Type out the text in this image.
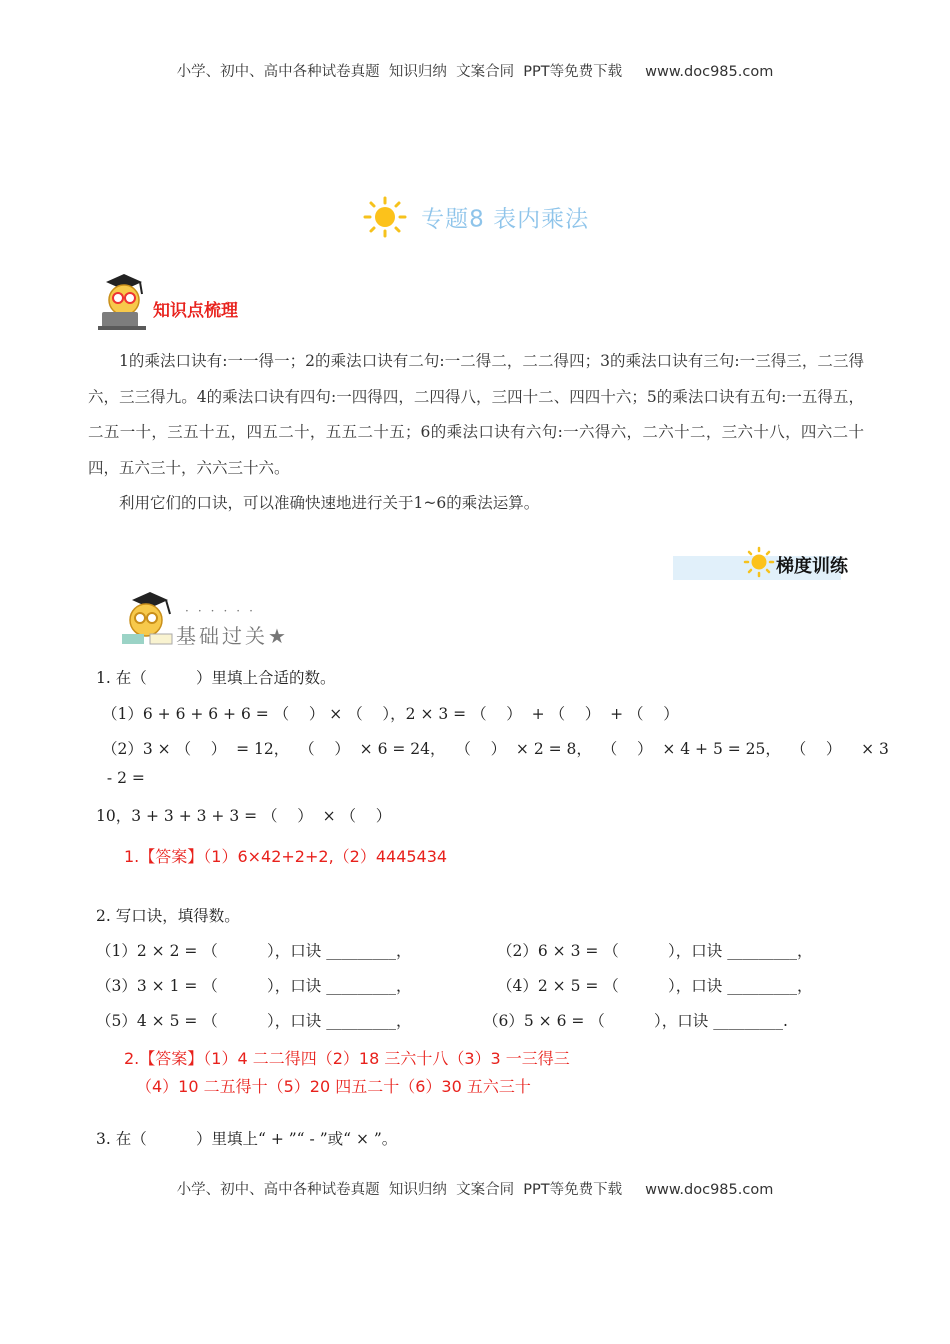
小学、初中、高中各种试卷真题  知识归纳  文案合同  PPT等免费下载     www.doc985.com
专题8 表内乘法
知识点梳理

1的乘法口诀有:一一得一；2的乘法口诀有二句:一二得二，二二得四；3的乘法口诀有三句:一三得三，二三得六，三三得九。4的乘法口诀有四句:一四得四，二四得八，三四十二、四四十六；5的乘法口诀有五句:一五得五，二五一十，三五十五，四五二十，五五二十五；6的乘法口诀有六句:一六得六，二六十二，三六十八，四六二十四，五六三十，六六三十六。

利用它们的口诀，可以准确快速地进行关于1~6的乘法运算。

梯度训练
······
基础过关★
1. 在（          ）里填上合适的数。
（1）6 + 6 + 6 + 6 = （    ） × （    ），2 × 3 = （    ）  + （    ）  + （    ）
（2）3 × （    ）  = 12，  （    ）  × 6 = 24，  （    ）  × 2 = 8，  （    ）  × 4 + 5 = 25，  （    ）    × 3
- 2 =
10，3 + 3 + 3 + 3 = （    ）  × （    ）
1.【答案】（1）6×42+2+2,（2）4445434
2. 写口诀，填得数。
（1）2 × 2 = （          ），口诀 _________，	（2）6 × 3 = （          ），口诀 _________，
（3）3 × 1 = （          ），口诀 _________，	（4）2 × 5 = （          ），口诀 _________，
（5）4 × 5 = （          ），口诀 _________，	（6）5 × 6 = （          ），口诀 _________.
2.【答案】（1）4 二二得四（2）18 三六十八（3）3 一三得三
（4）10 二五得十（5）20 四五二十（6）30 五六三十
3. 在（          ）里填上“ + ”“ - ”或“ × ”。
小学、初中、高中各种试卷真题  知识归纳  文案合同  PPT等免费下载     www.doc985.com
